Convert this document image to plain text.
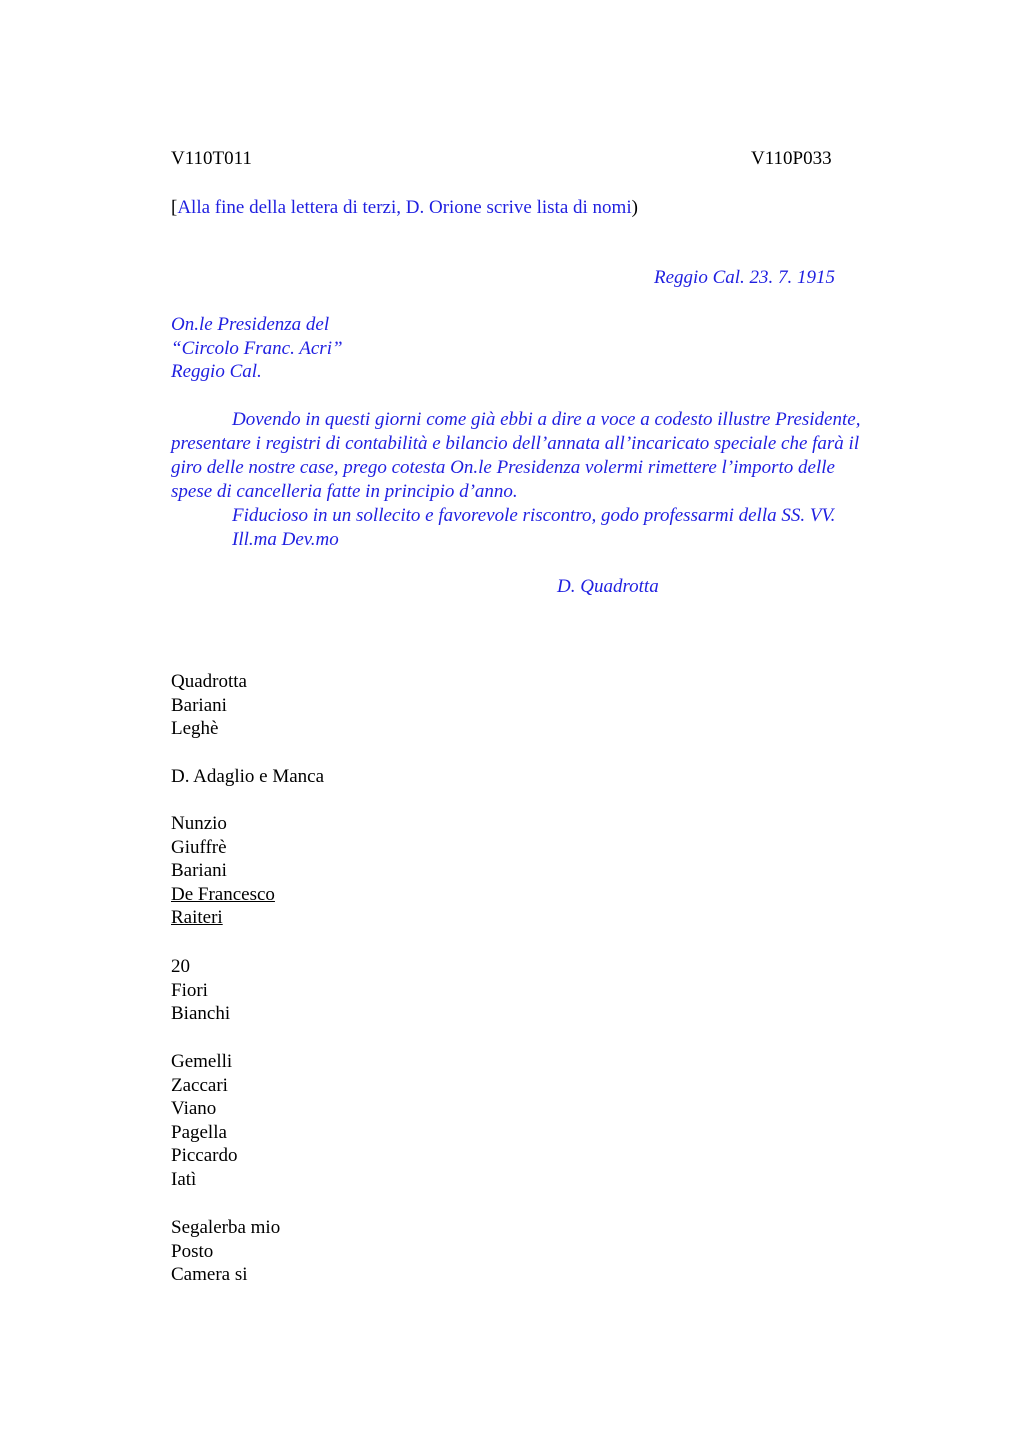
V110T011	V110P033
[Alla fine della lettera di terzi, D. Orione scrive lista di nomi)
Reggio Cal. 23. 7. 1915
On.le Presidenza del
“Circolo Franc. Acri”
Reggio Cal.
Dovendo in questi giorni come già ebbi a dire a voce a codesto illustre Presidente,
presentare i registri di contabilità e bilancio dell’annata all’incaricato speciale che farà il
giro delle nostre case, prego cotesta On.le Presidenza volermi rimettere l’importo delle
spese di cancelleria fatte in principio d’anno.
Fiducioso in un sollecito e favorevole riscontro, godo professarmi della SS. VV.
Ill.ma Dev.mo
D. Quadrotta
Quadrotta
Bariani
Leghè
D. Adaglio e Manca
Nunzio
Giuffrè
Bariani
De Francesco
Raiteri
20
Fiori
Bianchi
Gemelli
Zaccari
Viano
Pagella
Piccardo
Iatì
Segalerba mio
Posto
Camera si
